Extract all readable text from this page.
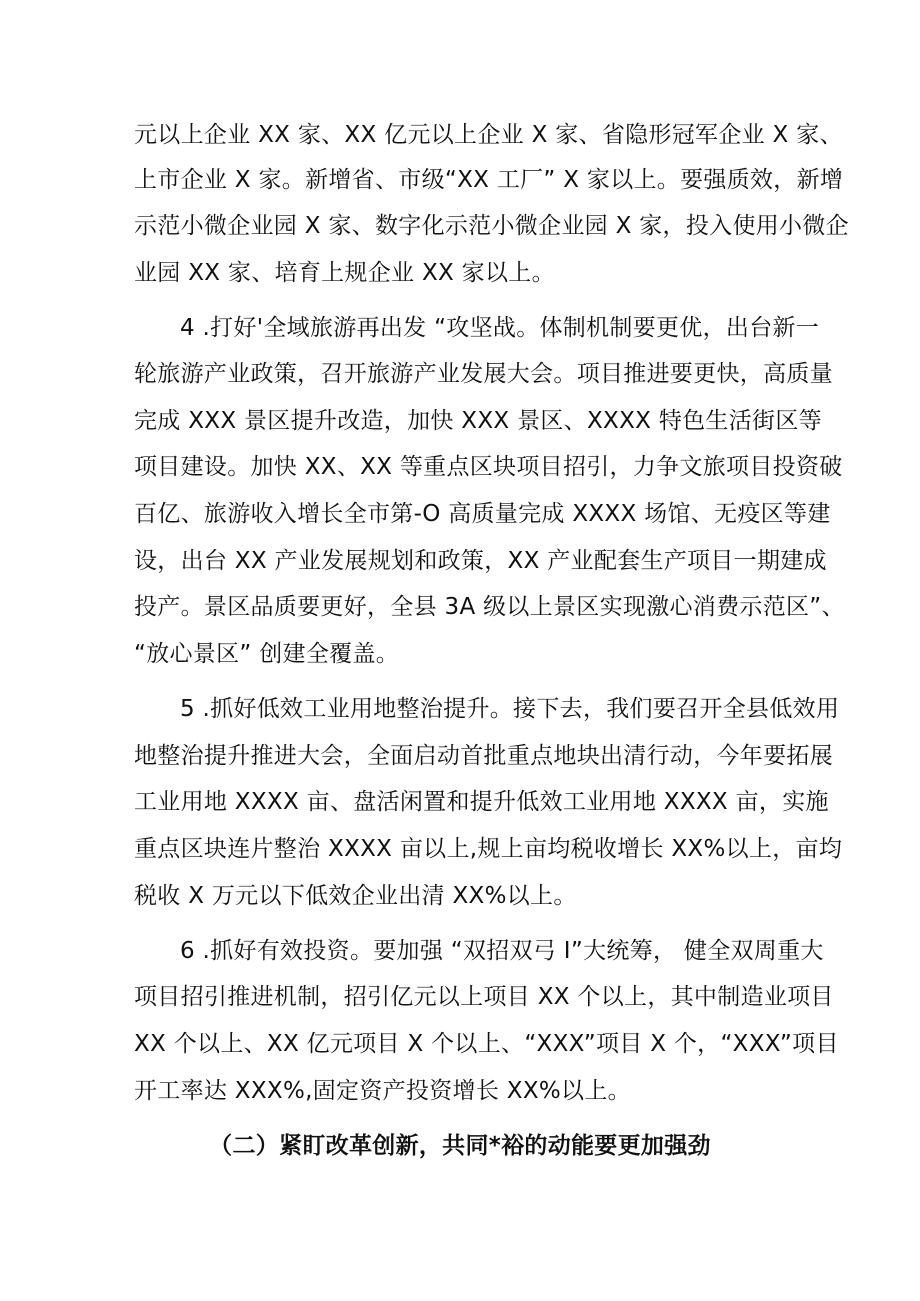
元以上企业 XX 家、XX 亿元以上企业 X 家、省隐形冠军企业 X 家、
上市企业 X 家。新增省、市级“XX 工厂” X 家以上。要强质效，新增
示范小微企业园 X 家、数字化示范小微企业园 X 家，投入使用小微企
业园 XX 家、培育上规企业 XX 家以上。
4 .打好'全域旅游再出发 “攻坚战。体制机制要更优，出台新一
轮旅游产业政策，召开旅游产业发展大会。项目推进要更快，高质量
完成 XXX 景区提升改造，加快 XXX 景区、XXXX 特色生活街区等
项目建设。加快 XX、XX 等重点区块项目招引，力争文旅项目投资破
百亿、旅游收入增长全市第-O 高质量完成 XXXX 场馆、无疫区等建
设，出台 XX 产业发展规划和政策，XX 产业配套生产项目一期建成
投产。景区品质要更好，全县 3A 级以上景区实现激心消费示范区”、
“放心景区” 创建全覆盖。
5 .抓好低效工业用地整治提升。接下去，我们要召开全县低效用
地整治提升推进大会，全面启动首批重点地块出清行动，今年要拓展
工业用地 XXXX 亩、盘活闲置和提升低效工业用地 XXXX 亩，实施
重点区块连片整治 XXXX 亩以上,规上亩均税收增长 XX%以上，亩均
税收 X 万元以下低效企业出清 XX%以上。
6 .抓好有效投资。要加强 “双招双弓 I”大统筹， 健全双周重大
项目招引推进机制，招引亿元以上项目 XX 个以上，其中制造业项目
XX 个以上、XX 亿元项目 X 个以上、“XXX”项目 X 个，“XXX”项目
开工率达 XXX%,固定资产投资增长 XX%以上。
（二）紧盯改革创新，共同*裕的动能要更加强劲
